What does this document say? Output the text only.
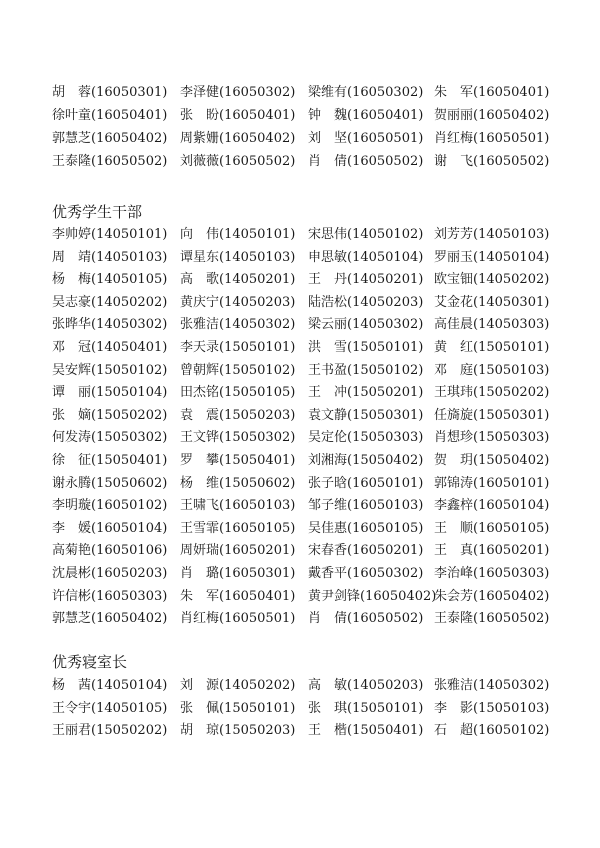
胡　蓉(16050301) 李泽健(16050302) 梁维有(16050302) 朱　军(16050401)
徐叶童(16050401) 张　盼(16050401) 钟　魏(16050401) 贺丽丽(16050402)
郭慧芝(16050402) 周紫姗(16050402) 刘　坚(16050501) 肖红梅(16050501)
王泰隆(16050502) 刘薇薇(16050502) 肖　倩(16050502) 谢　飞(16050502)
优秀学生干部
李帅婷(14050101) 向　伟(14050101) 宋思伟(14050102) 刘芳芳(14050103)
周　靖(14050103) 谭星东(14050103) 申思敏(14050104) 罗丽玉(14050104)
杨　梅(14050105) 高　歌(14050201) 王　丹(14050201) 欧宝钿(14050202)
吴志豪(14050202) 黄庆宁(14050203) 陆浩松(14050203) 艾金花(14050301)
张晔华(14050302) 张雅洁(14050302) 梁云丽(14050302) 高佳晨(14050303)
邓　冠(14050401) 李天录(15050101) 洪　雪(15050101) 黄　红(15050101)
吴安辉(15050102) 曾朝辉(15050102) 王书盈(15050102) 邓　庭(15050103)
谭　丽(15050104) 田杰铭(15050105) 王　冲(15050201) 王琪玮(15050202)
张　嫡(15050202) 袁　震(15050203) 袁文静(15050301) 任旖旋(15050301)
何发涛(15050302) 王文铧(15050302) 吴定伦(15050303) 肖想珍(15050303)
徐　征(15050401) 罗　攀(15050401) 刘湘海(15050402) 贺　玥(15050402)
谢永腾(15050602) 杨　维(15050602) 张子晗(16050101) 郭锦涛(16050101)
李明璇(16050102) 王啸飞(16050103) 邹子维(16050103) 李鑫梓(16050104)
李　媛(16050104) 王雪霏(16050105) 吴佳惠(16050105) 王　顺(16050105)
高菊艳(16050106) 周妍瑞(16050201) 宋春香(16050201) 王　真(16050201)
沈晨彬(16050203) 肖　璐(16050301) 戴香平(16050302) 李治峰(16050303)
许信彬(16050303) 朱　军(16050401) 黄尹剑锋(16050402)
朱会芳(16050402)
郭慧芝(16050402) 肖红梅(16050501) 肖　倩(16050502) 王泰隆(16050502)
优秀寝室长
杨　茜(14050104) 刘　源(14050202) 高　敏(14050203) 张雅洁(14050302)
王令宇(14050105) 张　佩(15050101) 张　琪(15050101) 李　影(15050103)
王丽君(15050202) 胡　琼(15050203) 王　楷(15050401) 石　超(16050102)
